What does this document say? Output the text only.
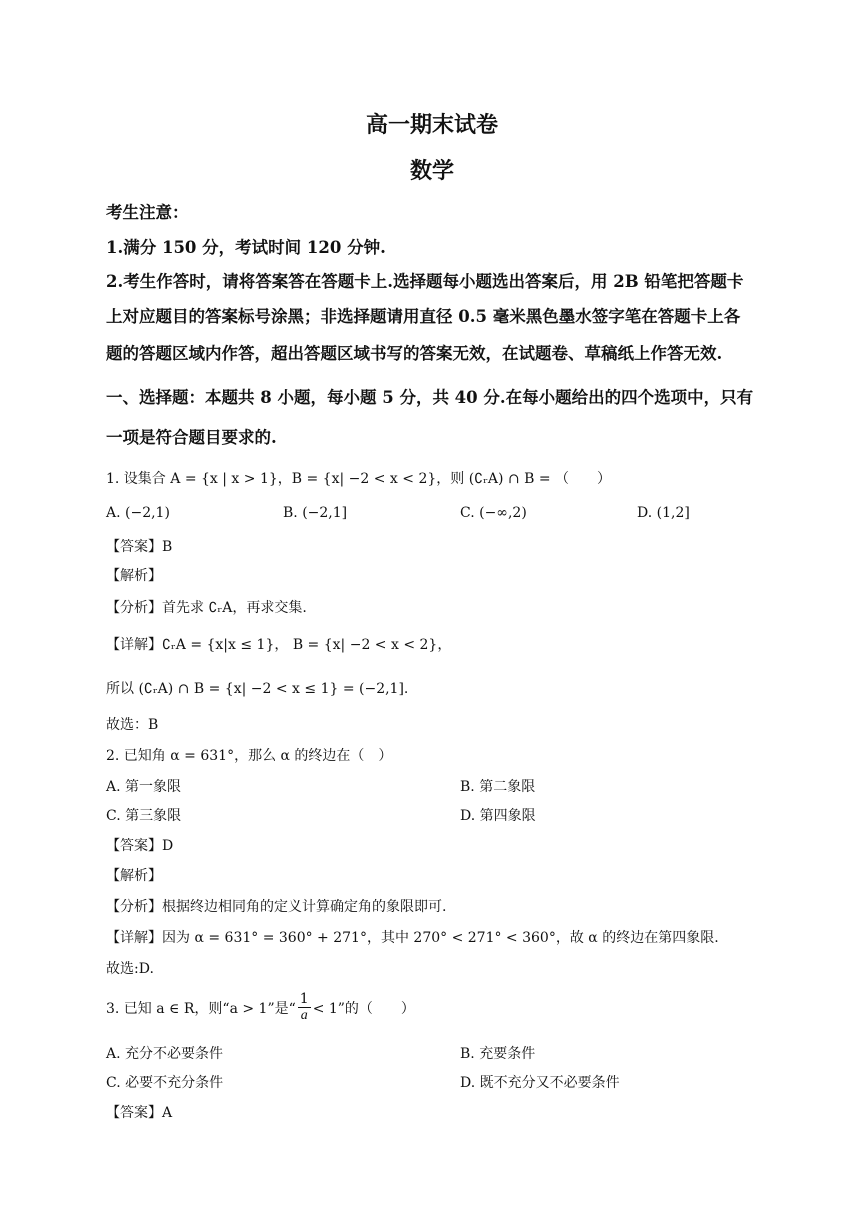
高一期末试卷
数学
考生注意：
1.满分 150 分，考试时间 120 分钟.
2.考生作答时，请将答案答在答题卡上.选择题每小题选出答案后，用 2B 铅笔把答题卡
上对应题目的答案标号涂黑；非选择题请用直径 0.5 毫米黑色墨水签字笔在答题卡上各
题的答题区域内作答，超出答题区域书写的答案无效，在试题卷、草稿纸上作答无效.
一、选择题：本题共 8 小题，每小题 5 分，共 40 分.在每小题给出的四个选项中，只有
一项是符合题目要求的.
1. 设集合 A = {x | x > 1}，B = {x| −2 < x < 2}，则 (∁ᵣA) ∩ B = （　　）
A. (−2,1)	B. (−2,1]	C. (−∞,2)	D. (1,2]
【答案】B
【解析】
【分析】首先求 ∁ᵣA，再求交集.
【详解】∁ᵣA = {x|x ≤ 1}， B = {x| −2 < x < 2}，
所以 (∁ᵣA) ∩ B = {x| −2 < x ≤ 1} = (−2,1].
故选：B
2. 已知角 α = 631°，那么 α 的终边在（　）
A. 第一象限	B. 第二象限
C. 第三象限	D. 第四象限
【答案】D
【解析】
【分析】根据终边相同角的定义计算确定角的象限即可.
【详解】因为 α = 631° = 360° + 271°，其中 270° < 271° < 360°，故 α 的终边在第四象限.
故选:D.
3. 已知 a ∈ R，则“a > 1”是“ $\frac{1}{a} < 1$”的（　　）
A. 充分不必要条件	B. 充要条件
C. 必要不充分条件	D. 既不充分又不必要条件
【答案】A
